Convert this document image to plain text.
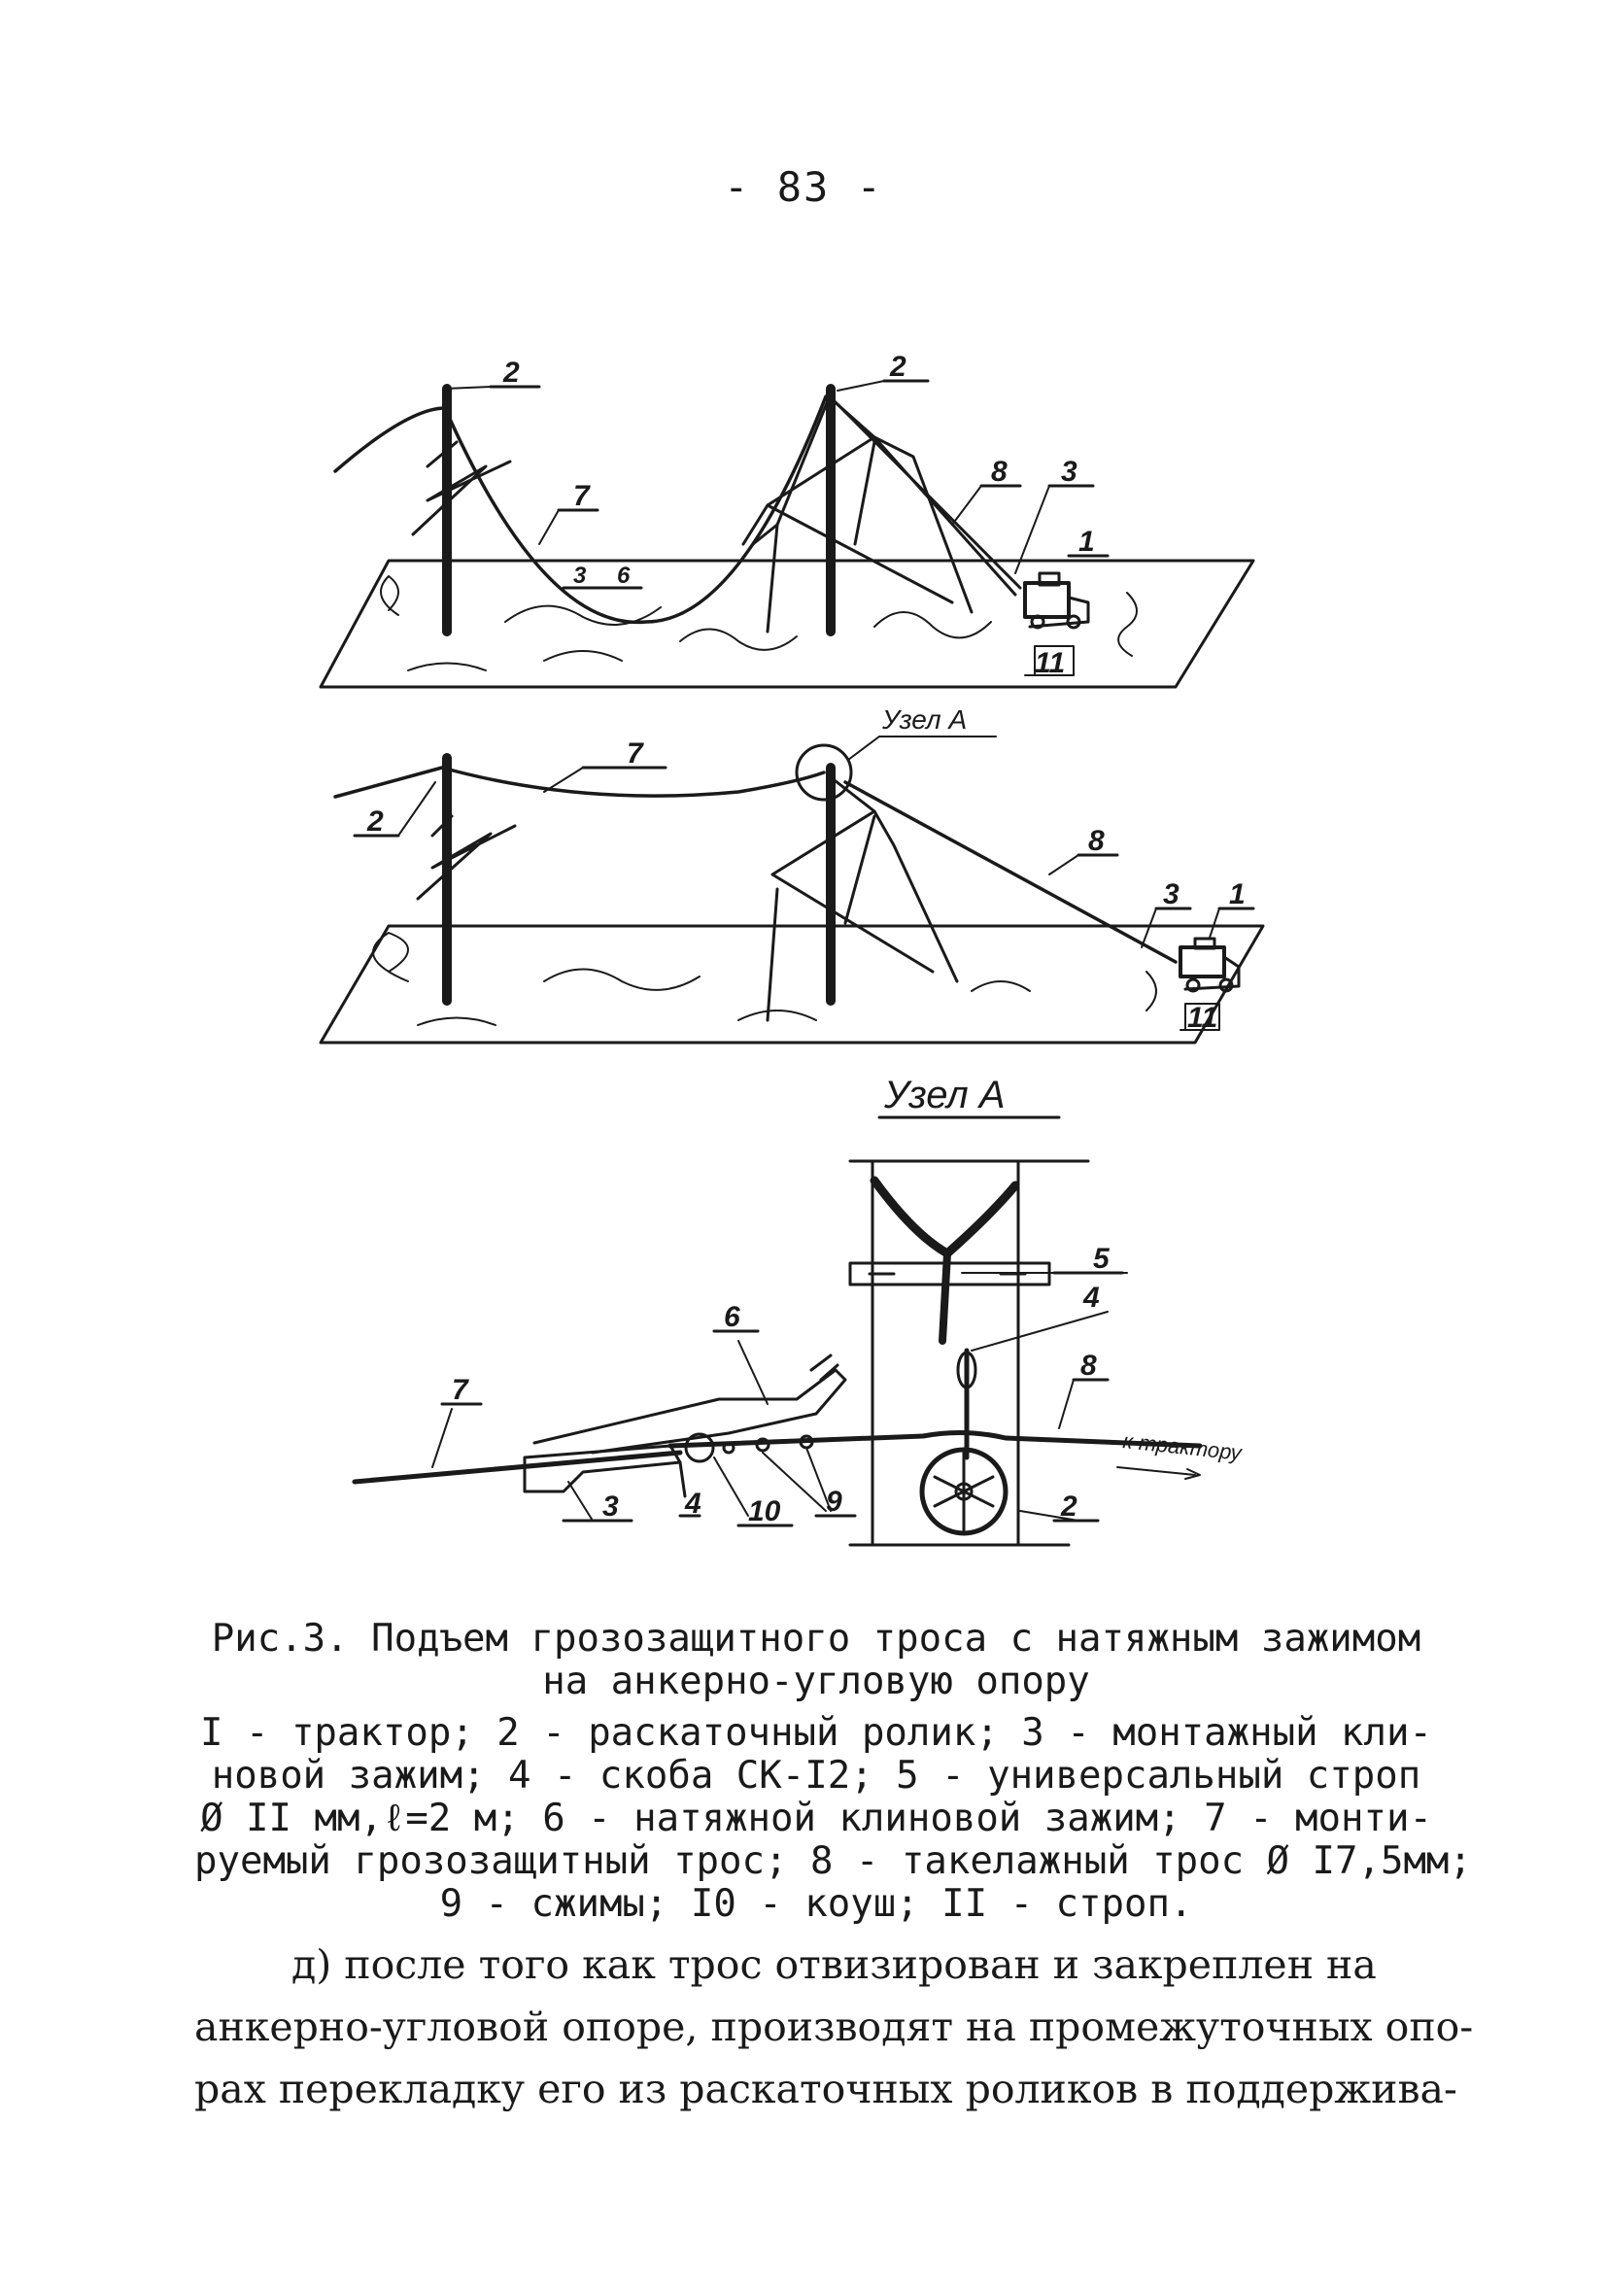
- 83 -
2	2
7
3 6
8 3
1
11
Узел А
7
2
8
3 1
11
Узел А
6
7
3 4 10 9
5
4
8
2
к трактору
Рис.3. Подъем грозозащитного троса с натяжным зажимом
на анкерно-угловую опору
I - трактор; 2 - раскаточный ролик; 3 - монтажный кли-
новой зажим; 4 - скоба СК-I2; 5 - универсальный строп
Ø II мм,ℓ=2 м; 6 - натяжной клиновой зажим; 7 - монти-
руемый грозозащитный трос; 8 - такелажный трос Ø I7,5мм;
9 - сжимы; I0 - коуш; II - строп.
д) после того как трос отвизирован и закреплен на
анкерно-угловой опоре, производят на промежуточных опо-
рах перекладку его из раскаточных роликов в поддержива-
